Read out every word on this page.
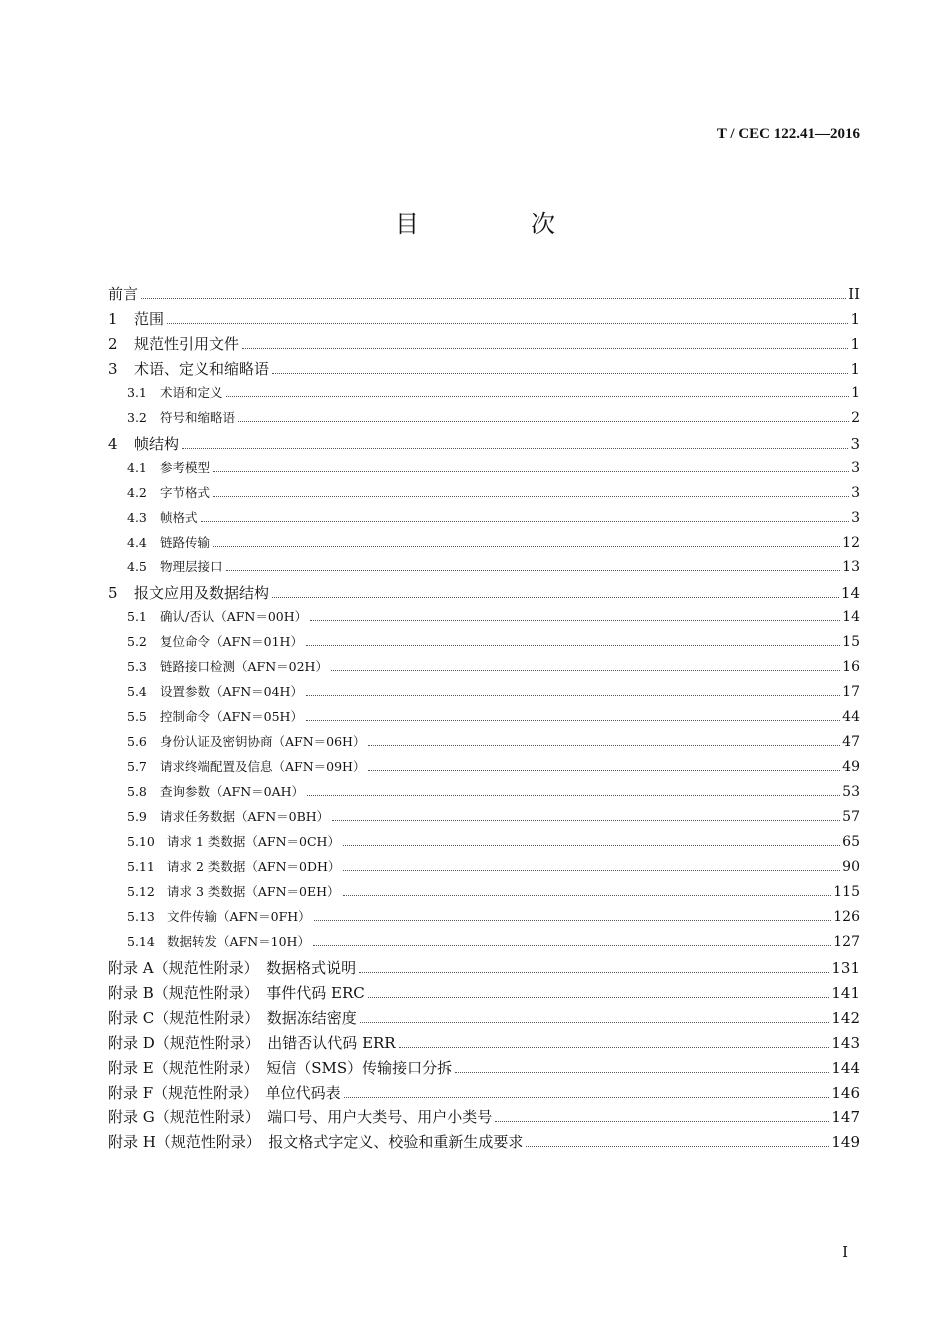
T / CEC 122.41—2016
目　次
前言	II
1	范围	1
2	规范性引用文件	1
3	术语、定义和缩略语	1
3.1	术语和定义	1
3.2	符号和缩略语	2
4	帧结构	3
4.1	参考模型	3
4.2	字节格式	3
4.3	帧格式	3
4.4	链路传输	12
4.5	物理层接口	13
5	报文应用及数据结构	14
5.1	确认/否认（AFN＝00H）	14
5.2	复位命令（AFN＝01H）	15
5.3	链路接口检测（AFN＝02H）	16
5.4	设置参数（AFN＝04H）	17
5.5	控制命令（AFN＝05H）	44
5.6	身份认证及密钥协商（AFN＝06H）	47
5.7	请求终端配置及信息（AFN＝09H）	49
5.8	查询参数（AFN＝0AH）	53
5.9	请求任务数据（AFN＝0BH）	57
5.10 请求 1 类数据（AFN＝0CH）	65
5.11 请求 2 类数据（AFN＝0DH）	90
5.12 请求 3 类数据（AFN＝0EH）	115
5.13 文件传输（AFN＝0FH）	126
5.14 数据转发（AFN＝10H）	127
附录 A（规范性附录）　数据格式说明	131
附录 B（规范性附录）　事件代码 ERC	141
附录 C（规范性附录）　数据冻结密度	142
附录 D（规范性附录）　出错否认代码 ERR	143
附录 E（规范性附录）　短信（SMS）传输接口分拆	144
附录 F（规范性附录）　单位代码表	146
附录 G（规范性附录）　端口号、用户大类号、用户小类号	147
附录 H（规范性附录）　报文格式字定义、校验和重新生成要求	149
I
